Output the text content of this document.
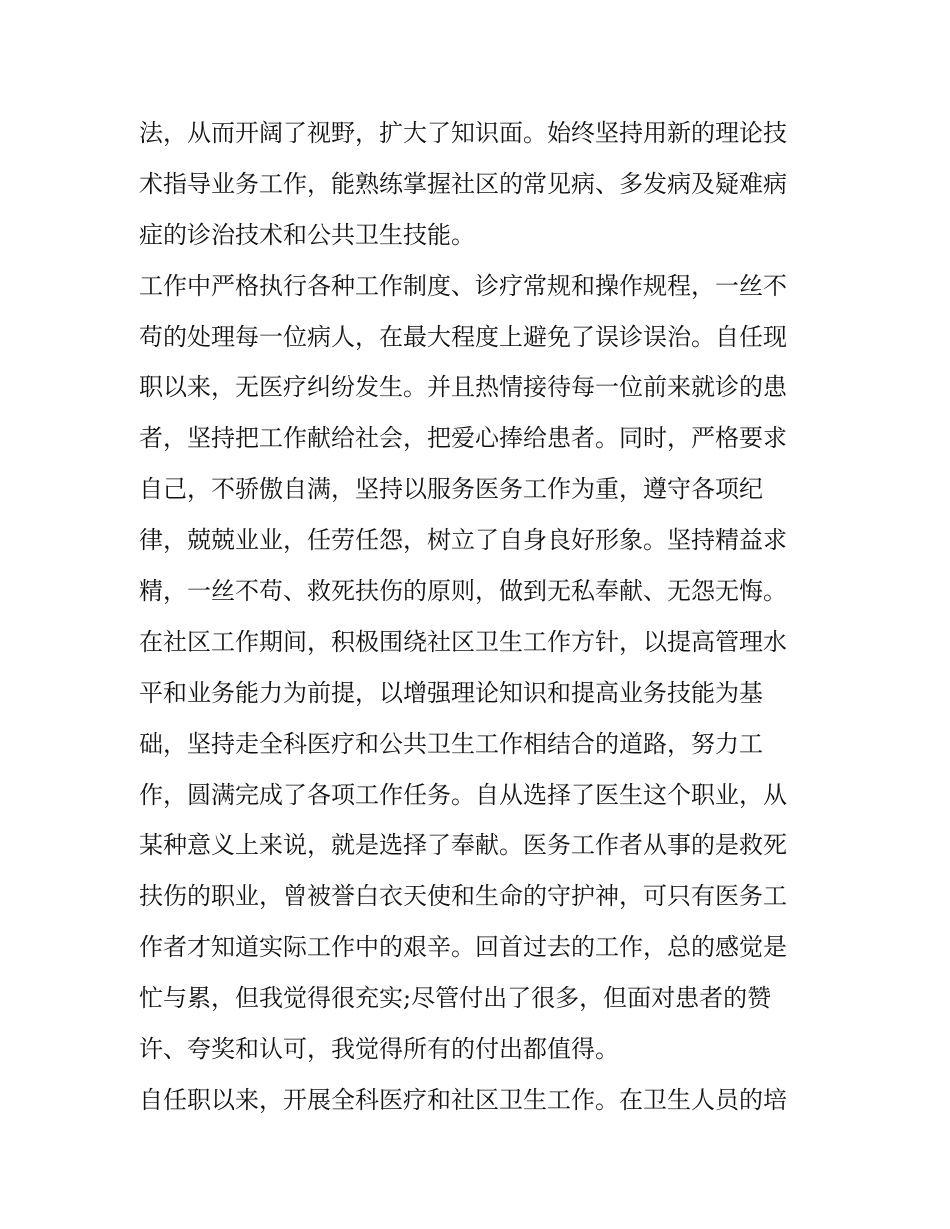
法，从而开阔了视野，扩大了知识面。始终坚持用新的理论技
术指导业务工作，能熟练掌握社区的常见病、多发病及疑难病
症的诊治技术和公共卫生技能。
工作中严格执行各种工作制度、诊疗常规和操作规程，一丝不
苟的处理每一位病人，在最大程度上避免了误诊误治。自任现
职以来，无医疗纠纷发生。并且热情接待每一位前来就诊的患
者，坚持把工作献给社会，把爱心捧给患者。同时，严格要求
自己，不骄傲自满，坚持以服务医务工作为重，遵守各项纪
律，兢兢业业，任劳任怨，树立了自身良好形象。坚持精益求
精，一丝不苟、救死扶伤的原则，做到无私奉献、无怨无悔。
在社区工作期间，积极围绕社区卫生工作方针，以提高管理水
平和业务能力为前提，以增强理论知识和提高业务技能为基
础，坚持走全科医疗和公共卫生工作相结合的道路，努力工
作，圆满完成了各项工作任务。自从选择了医生这个职业，从
某种意义上来说，就是选择了奉献。医务工作者从事的是救死
扶伤的职业，曾被誉白衣天使和生命的守护神，可只有医务工
作者才知道实际工作中的艰辛。回首过去的工作，总的感觉是
忙与累，但我觉得很充实;尽管付出了很多，但面对患者的赞
许、夸奖和认可，我觉得所有的付出都值得。
自任职以来，开展全科医疗和社区卫生工作。在卫生人员的培
